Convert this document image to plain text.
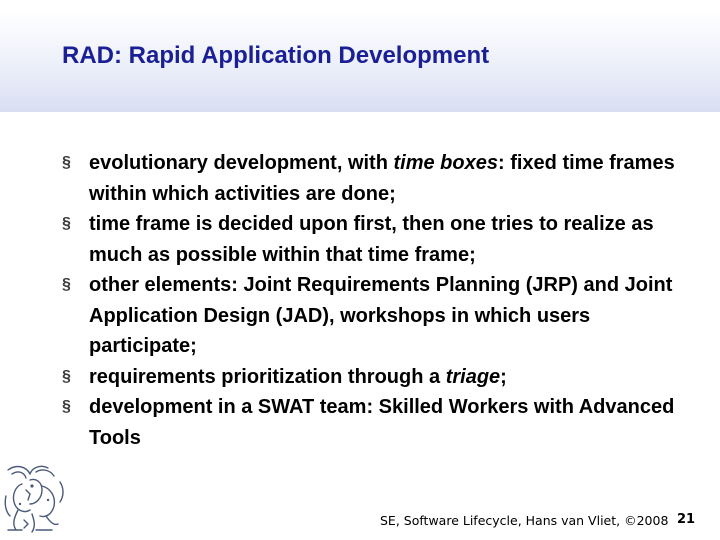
RAD: Rapid Application Development
§ evolutionary development, with time boxes: fixed time frames within which activities are done;
§ time frame is decided upon first, then one tries to realize as much as possible within that time frame;
§ other elements: Joint Requirements Planning (JRP) and Joint Application Design (JAD), workshops in which users participate;
§ requirements prioritization through a triage;
§ development in a SWAT team: Skilled Workers with Advanced Tools
SE, Software Lifecycle, Hans van Vliet, ©2008 21
